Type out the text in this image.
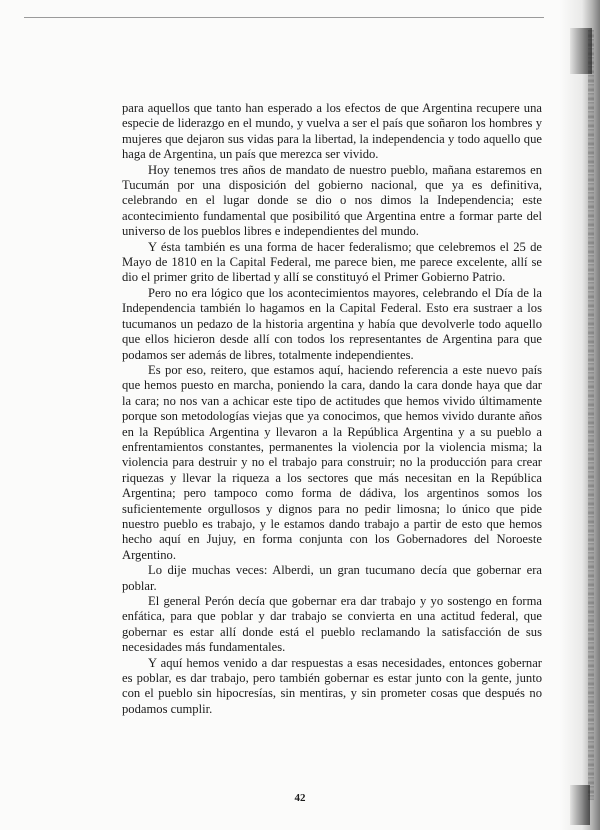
para aquellos que tanto han esperado a los efectos de que Argentina recupere una especie de liderazgo en el mundo, y vuelva a ser el país que soñaron los hombres y mujeres que dejaron sus vidas para la libertad, la independencia y todo aquello que haga de Argentina, un país que merezca ser vivido.

Hoy tenemos tres años de mandato de nuestro pueblo, mañana estaremos en Tucumán por una disposición del gobierno nacional, que ya es definitiva, celebrando en el lugar donde se dio o nos dimos la Independencia; este acontecimiento fundamental que posibilitó que Argentina entre a formar parte del universo de los pueblos libres e independientes del mundo.

Y ésta también es una forma de hacer federalismo; que celebremos el 25 de Mayo de 1810 en la Capital Federal, me parece bien, me parece excelente, allí se dio el primer grito de libertad y allí se constituyó el Primer Gobierno Patrio.

Pero no era lógico que los acontecimientos mayores, celebrando el Día de la Independencia también lo hagamos en la Capital Federal. Esto era sustraer a los tucumanos un pedazo de la historia argentina y había que devolverle todo aquello que ellos hicieron desde allí con todos los representantes de Argentina para que podamos ser además de libres, totalmente independientes.

Es por eso, reitero, que estamos aquí, haciendo referencia a este nuevo país que hemos puesto en marcha, poniendo la cara, dando la cara donde haya que dar la cara; no nos van a achicar este tipo de actitudes que hemos vivido últimamente porque son metodologías viejas que ya conocimos, que hemos vivido durante años en la República Argentina y llevaron a la República Argentina y a su pueblo a enfrentamientos constantes, permanentes la violencia por la violencia misma; la violencia para destruir y no el trabajo para construir; no la producción para crear riquezas y llevar la riqueza a los sectores que más necesitan en la República Argentina; pero tampoco como forma de dádiva, los argentinos somos los suficientemente orgullosos y dignos para no pedir limosna; lo único que pide nuestro pueblo es trabajo, y le estamos dando trabajo a partir de esto que hemos hecho aquí en Jujuy, en forma conjunta con los Gobernadores del Noroeste Argentino.

Lo dije muchas veces: Alberdi, un gran tucumano decía que gobernar era poblar.

El general Perón decía que gobernar era dar trabajo y yo sostengo en forma enfática, para que poblar y dar trabajo se convierta en una actitud federal, que gobernar es estar allí donde está el pueblo reclamando la satisfacción de sus necesidades más fundamentales.

Y aquí hemos venido a dar respuestas a esas necesidades, entonces gobernar es poblar, es dar trabajo, pero también gobernar es estar junto con la gente, junto con el pueblo sin hipocresías, sin mentiras, y sin prometer cosas que después no podamos cumplir.

42
